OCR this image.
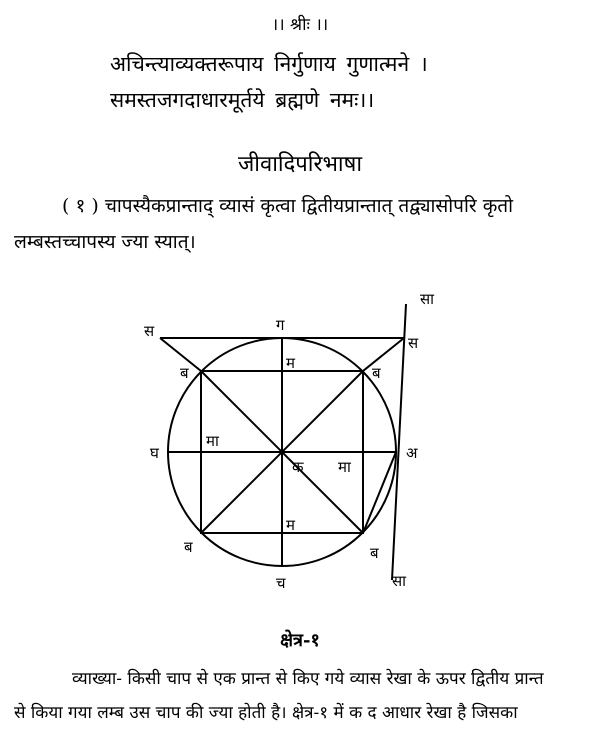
।। श्रीः ।।
अचिन्त्याव्यक्तरूपाय निर्गुणाय गुणात्मने ।
समस्तजगदाधारमूर्तये ब्रह्मणे नमः।।
जीवादिपरिभाषा
( १ ) चापस्यैकप्रान्ताद् व्यासं कृत्वा द्वितीयप्रान्तात् तद्व्यासोपरि कृतो
लम्बस्तच्चापस्य ज्या स्यात्।
सा
स
स
ग
म
ब	ब
घ
मा
क मा
अ
म
ब	ब
च	सा
क्षेत्र-१
व्याख्या- किसी चाप से एक प्रान्त से किए गये व्यास रेखा के ऊपर द्वितीय प्रान्त
से किया गया लम्ब उस चाप की ज्या होती है। क्षेत्र-१ में क द आधार रेखा है जिसका
